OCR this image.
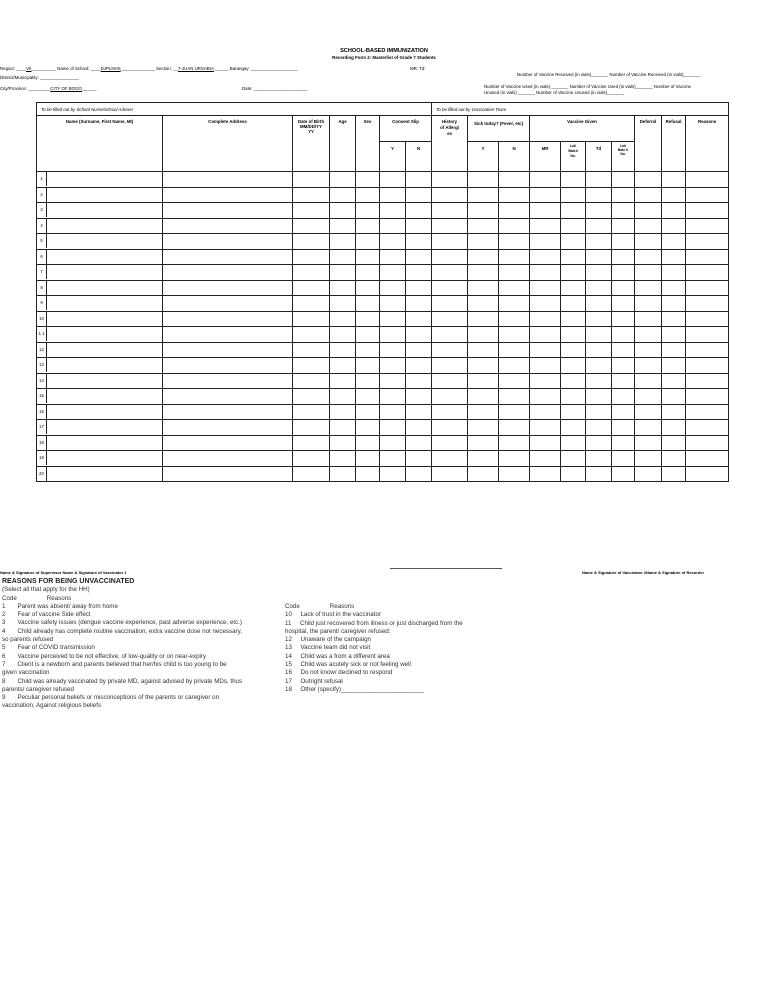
SCHOOL-BASED IMMUNIZATION
Recording Form 2: Masterlist of Grade 7 Students
Region: ____VII__________ Name of School: ____DJPLNHS______________ Section: __7-JUAN URSABIA______ Barangay: ___________________	MR: Td:
Number of Vaccine Received (in vials)_______ Number of Vaccine Received (in vials)_______
District/Municipality: ________________
City/Province: _________CITY OF BOGO______	Date: ______________________	Number of Vaccine Used (in vials) _______ Number of Vaccine Used (in vials)_______ Number of Vaccine
Unused (in vials) _______ Number of Vaccine Unused (in vials)_______
To be filled out by School Nurse/School Adviser							To be filled out by Vaccination Team									
Name (Surname, First Name, MI)	Complete Address	Date of Birth MM/DD/YY YY	Age	Sex	Consent Slip		History of Allergi es	Sick today? (Fever, etc)		Vaccine Given				Deferral	Refusal	Reasons
					Y	N		Y	N	MR	Lot/ Batch No.	Td	Lot/ Batc h No.			
1																
2																
3																
4																
5																
6																
7																
8																
9																
10																
1 1																
12																
13																
14																
15																
16																
17																
18																
19																
20																
Name & Signature of Supervisor Name & Signature of Vaccinator 1	Name & Signature of Vaccinator 2Name & Signature of Recorder
REASONS FOR BEING UNVACCINATED
(Select all that apply for the HH)
Code	Reasons
1       Parent was absent/ away from home
2       Fear of vaccine Side effect
3       Vaccine safety issues (dengue vaccine experience, past adverse experience, etc.)
4       Child already has complete routine vaccination, extra vaccine dose not necessary,
so parents refused
5       Fear of COVID transmission
6       Vaccine perceived to be not effective, of low-quality or on near-expiry
7       Client is a newborn and parents believed that her/his child is too young to be
given vaccination
8       Child was already vaccinated by private MD, against advised by private MDs, thus
parents/ caregiver refused
9       Peculiar personal beliefs or misconceptions of the parents or caregiver on
vaccination; Against religious beliefs
Code	Reasons
10     Lack of trust in the vaccinator
11     Child just recovered from illness or just discharged from the
hospital, the parent/ caregiver refused:
12     Unaware of the campaign
13     Vaccine team did not visit
14     Child was a from a different area
15     Child was acutely sick or not feeling well
16     Do not know/ declined to respond
17     Outright refusal
18     Other (specify)________________________
